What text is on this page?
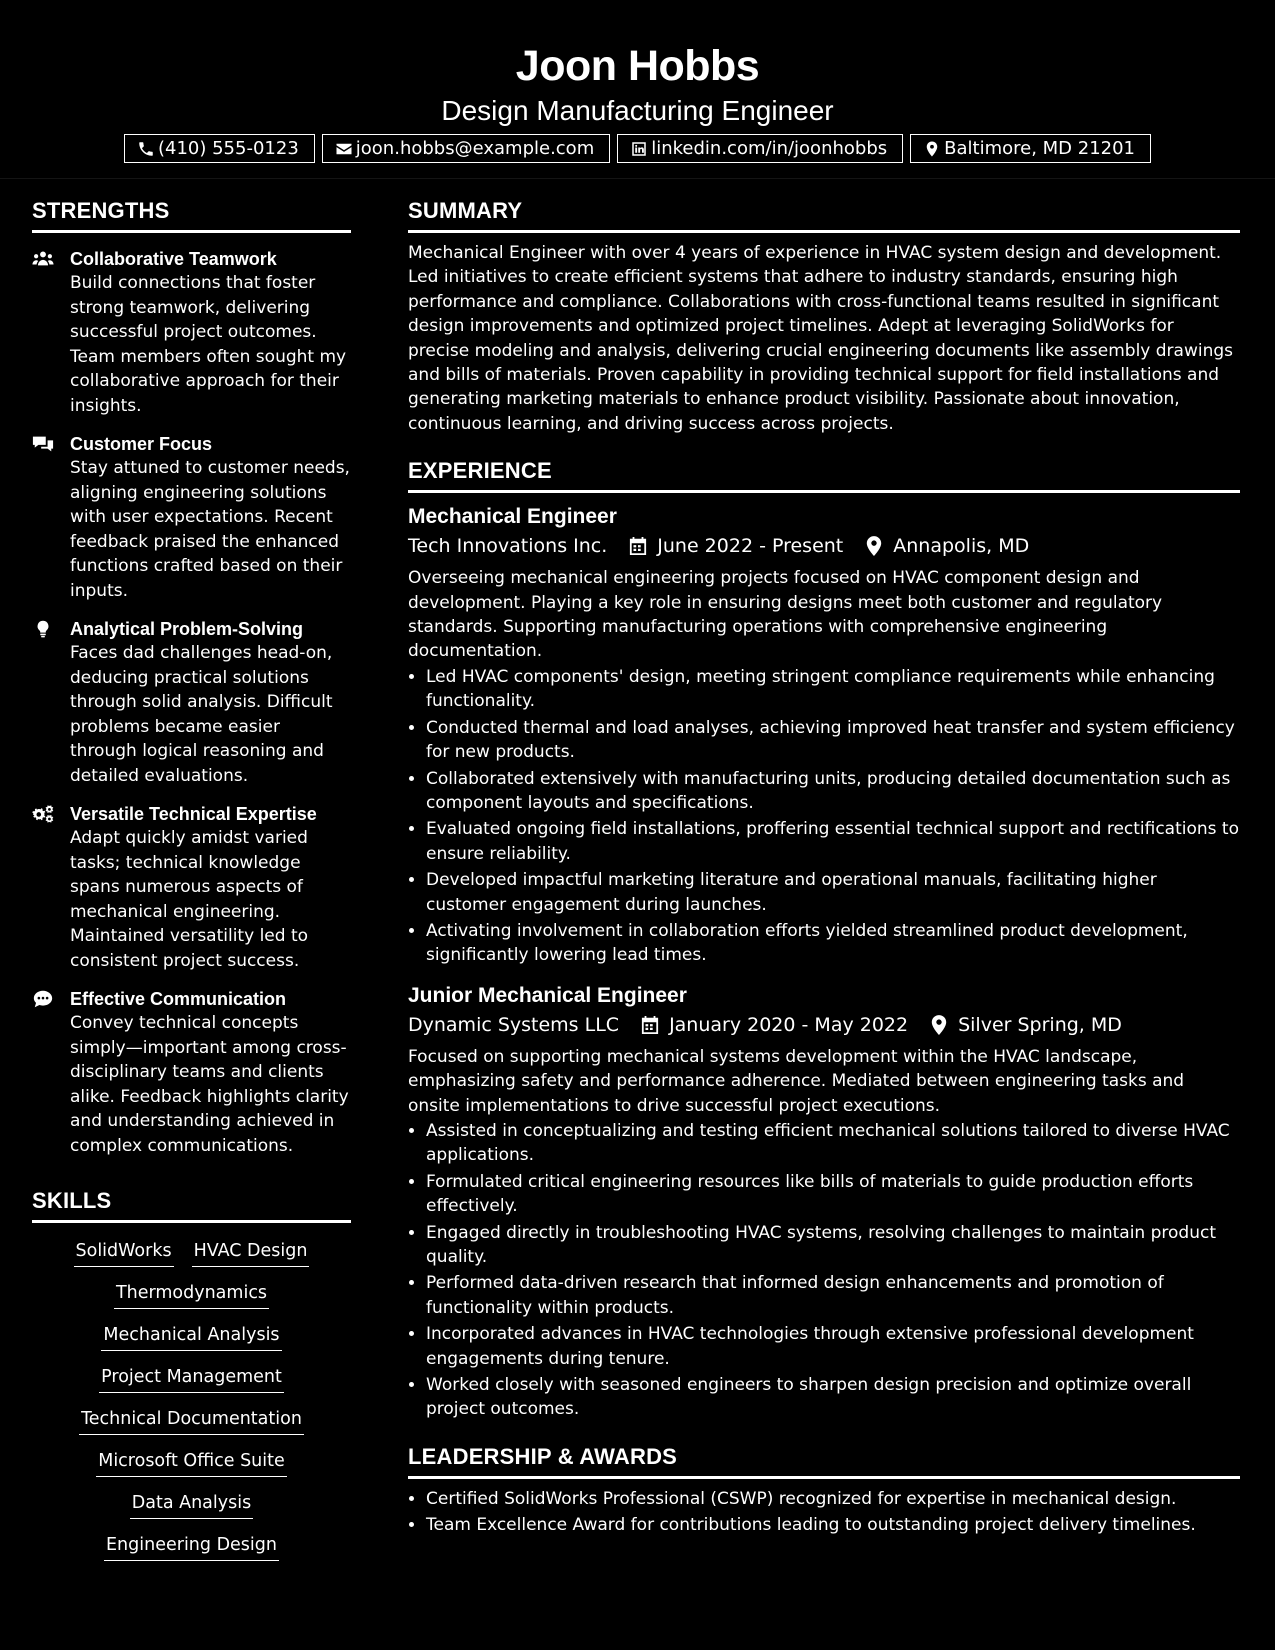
Joon Hobbs
Design Manufacturing Engineer
(410) 555-0123	joon.hobbs@example.com	linkedin.com/in/joonhobbs	Baltimore, MD 21201
STRENGTHS
Collaborative Teamwork
Build connections that foster strong teamwork, delivering successful project outcomes. Team members often sought my collaborative approach for their insights.
Customer Focus
Stay attuned to customer needs, aligning engineering solutions with user expectations. Recent feedback praised the enhanced functions crafted based on their inputs.
Analytical Problem-Solving
Faces dad challenges head-on, deducing practical solutions through solid analysis. Difficult problems became easier through logical reasoning and detailed evaluations.
Versatile Technical Expertise
Adapt quickly amidst varied tasks; technical knowledge spans numerous aspects of mechanical engineering. Maintained versatility led to consistent project success.
Effective Communication
Convey technical concepts simply—important among cross-disciplinary teams and clients alike. Feedback highlights clarity and understanding achieved in complex communications.
SKILLS
SolidWorks HVAC Design
Thermodynamics
Mechanical Analysis
Project Management
Technical Documentation
Microsoft Office Suite
Data Analysis
Engineering Design
SUMMARY
Mechanical Engineer with over 4 years of experience in HVAC system design and development. Led initiatives to create efficient systems that adhere to industry standards, ensuring high performance and compliance. Collaborations with cross-functional teams resulted in significant design improvements and optimized project timelines. Adept at leveraging SolidWorks for precise modeling and analysis, delivering crucial engineering documents like assembly drawings and bills of materials. Proven capability in providing technical support for field installations and generating marketing materials to enhance product visibility. Passionate about innovation, continuous learning, and driving success across projects.
EXPERIENCE
Mechanical Engineer
Tech Innovations Inc.	June 2022 - Present	Annapolis, MD
Overseeing mechanical engineering projects focused on HVAC component design and development. Playing a key role in ensuring designs meet both customer and regulatory standards. Supporting manufacturing operations with comprehensive engineering documentation.
• Led HVAC components' design, meeting stringent compliance requirements while enhancing functionality.
• Conducted thermal and load analyses, achieving improved heat transfer and system efficiency for new products.
• Collaborated extensively with manufacturing units, producing detailed documentation such as component layouts and specifications.
• Evaluated ongoing field installations, proffering essential technical support and rectifications to ensure reliability.
• Developed impactful marketing literature and operational manuals, facilitating higher customer engagement during launches.
• Activating involvement in collaboration efforts yielded streamlined product development, significantly lowering lead times.
Junior Mechanical Engineer
Dynamic Systems LLC	January 2020 - May 2022	Silver Spring, MD
Focused on supporting mechanical systems development within the HVAC landscape, emphasizing safety and performance adherence. Mediated between engineering tasks and onsite implementations to drive successful project executions.
• Assisted in conceptualizing and testing efficient mechanical solutions tailored to diverse HVAC applications.
• Formulated critical engineering resources like bills of materials to guide production efforts effectively.
• Engaged directly in troubleshooting HVAC systems, resolving challenges to maintain product quality.
• Performed data-driven research that informed design enhancements and promotion of functionality within products.
• Incorporated advances in HVAC technologies through extensive professional development engagements during tenure.
• Worked closely with seasoned engineers to sharpen design precision and optimize overall project outcomes.
LEADERSHIP & AWARDS
• Certified SolidWorks Professional (CSWP) recognized for expertise in mechanical design.
• Team Excellence Award for contributions leading to outstanding project delivery timelines.
